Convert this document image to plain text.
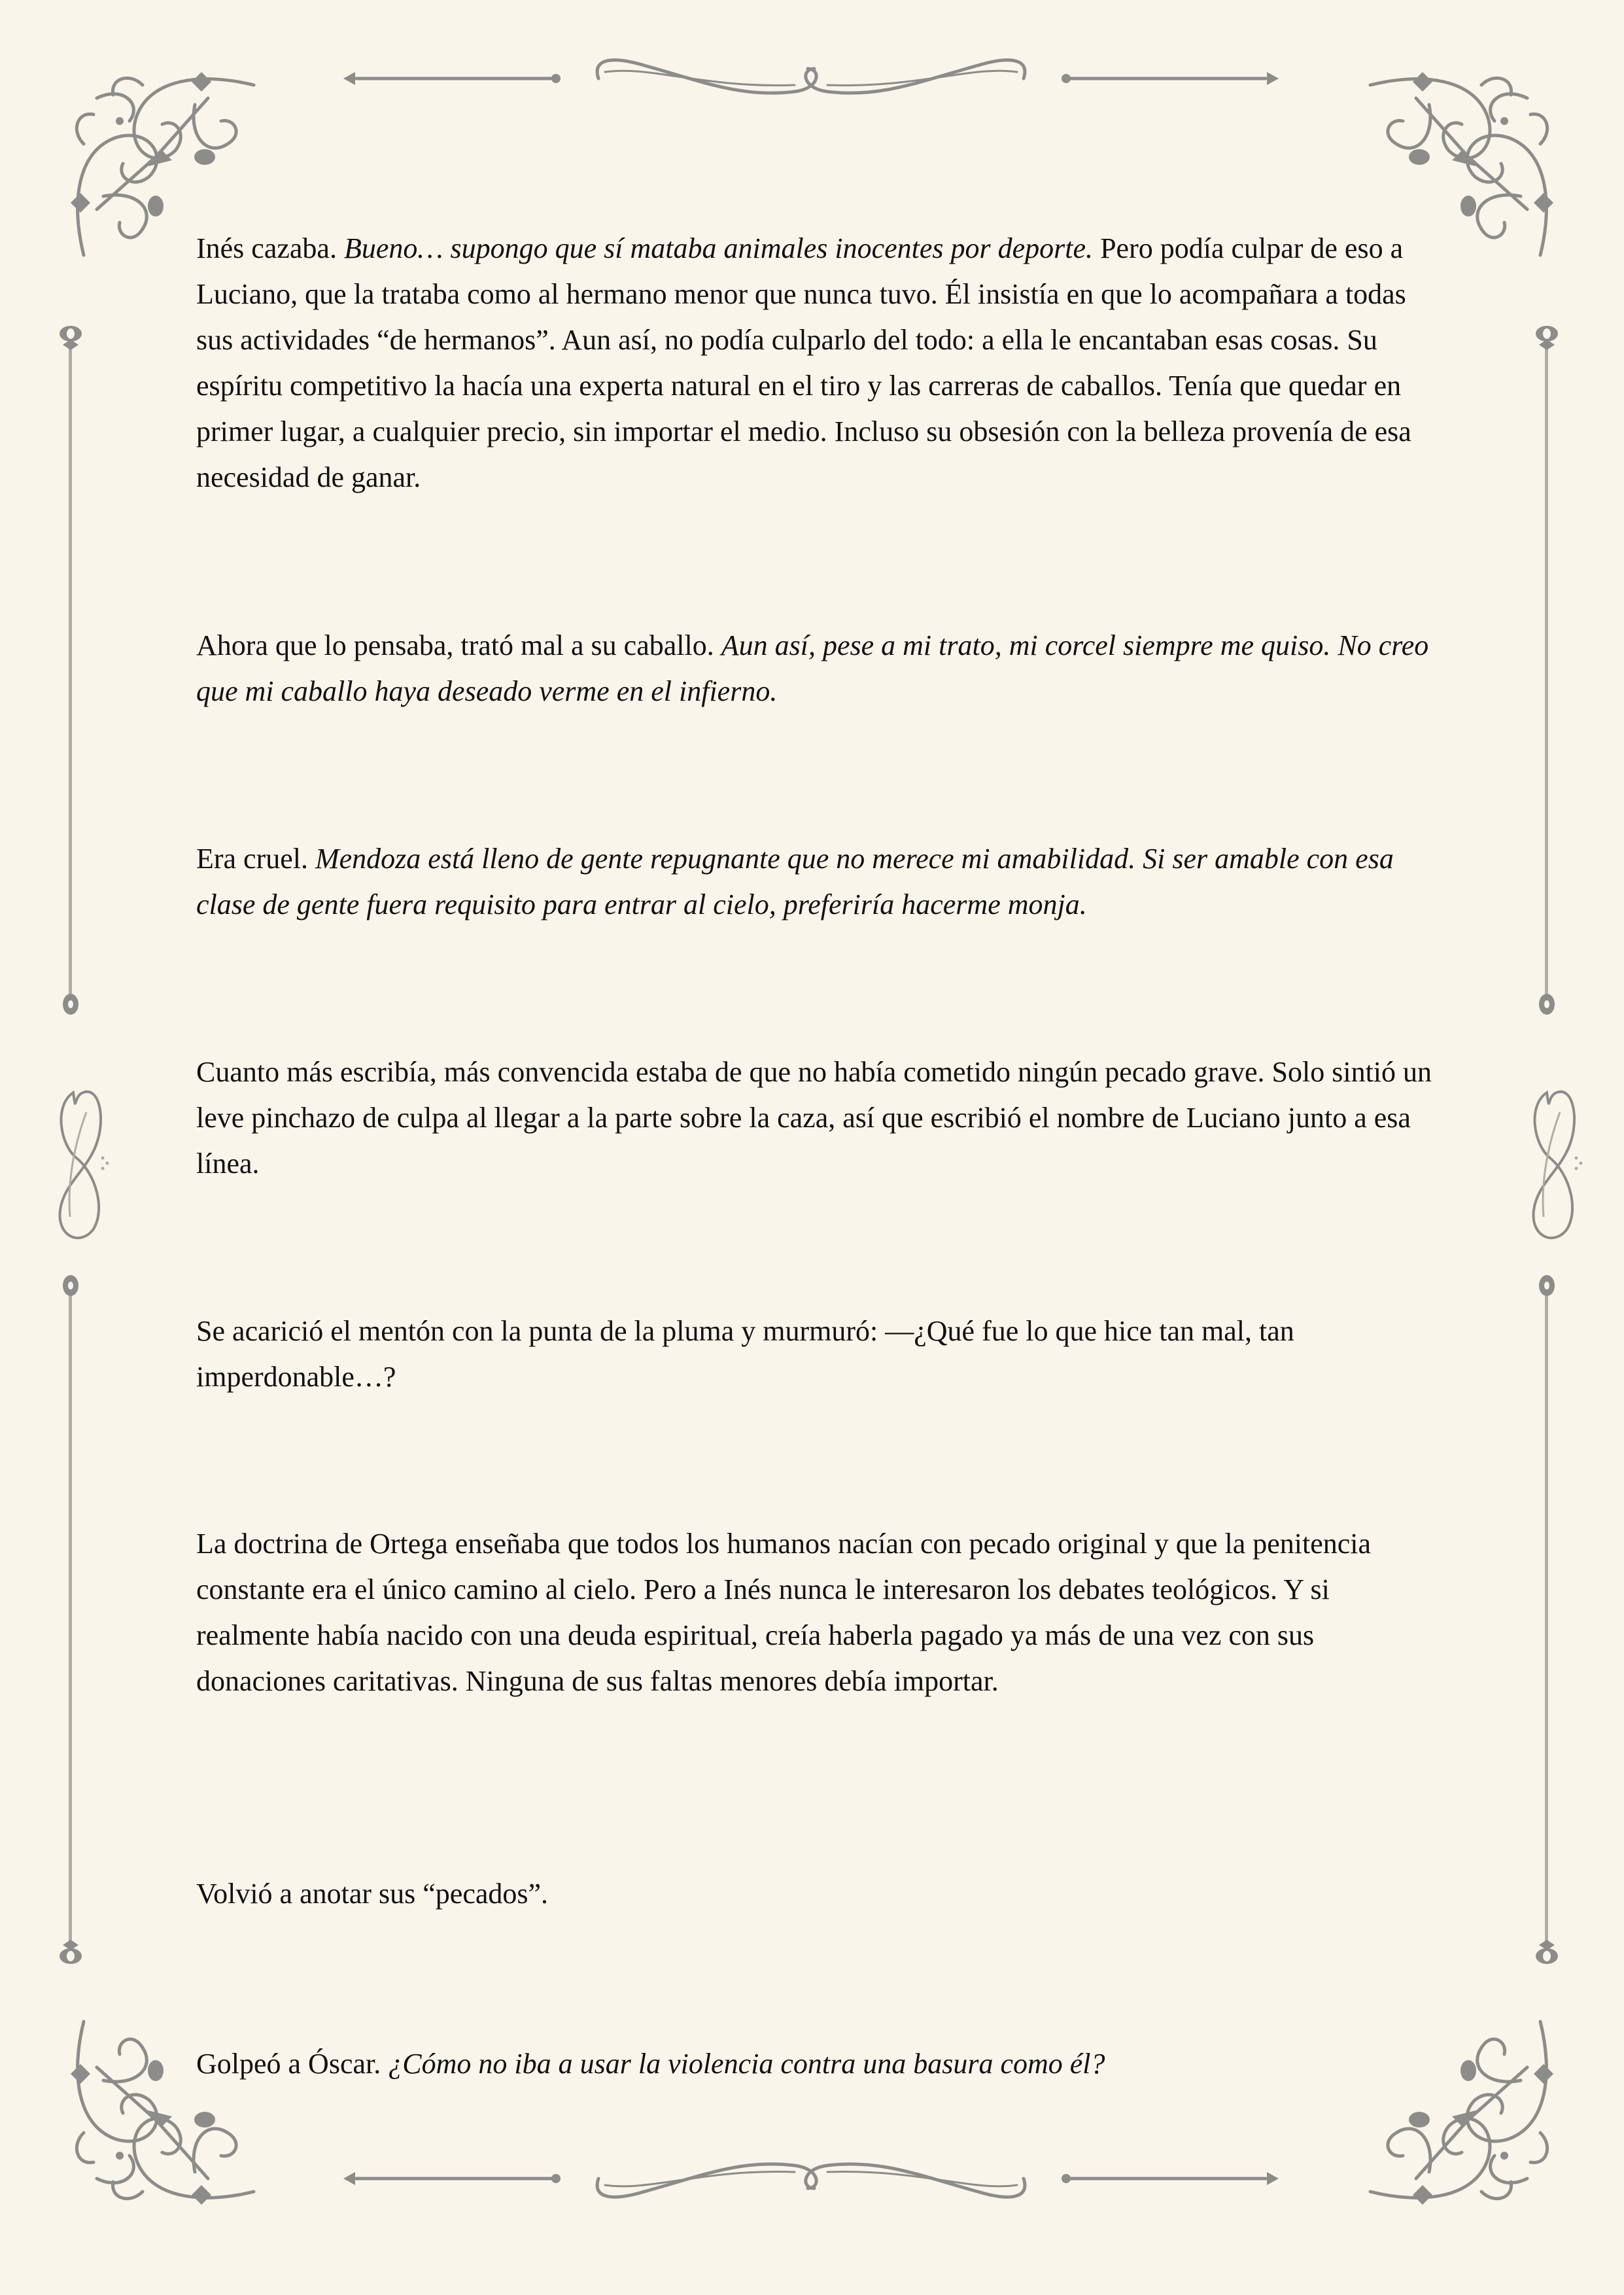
Inés cazaba. Bueno… supongo que sí mataba animales inocentes por deporte. Pero podía culpar de eso a Luciano, que la trataba como al hermano menor que nunca tuvo. Él insistía en que lo acompañara a todas sus actividades “de hermanos”. Aun así, no podía culparlo del todo: a ella le encantaban esas cosas. Su espíritu competitivo la hacía una experta natural en el tiro y las carreras de caballos. Tenía que quedar en primer lugar, a cualquier precio, sin importar el medio. Incluso su obsesión con la belleza provenía de esa necesidad de ganar.

Ahora que lo pensaba, trató mal a su caballo. Aun así, pese a mi trato, mi corcel siempre me quiso. No creo que mi caballo haya deseado verme en el infierno.

Era cruel. Mendoza está lleno de gente repugnante que no merece mi amabilidad. Si ser amable con esa clase de gente fuera requisito para entrar al cielo, preferiría hacerme monja.

Cuanto más escribía, más convencida estaba de que no había cometido ningún pecado grave. Solo sintió un leve pinchazo de culpa al llegar a la parte sobre la caza, así que escribió el nombre de Luciano junto a esa línea.

Se acarició el mentón con la punta de la pluma y murmuró: —¿Qué fue lo que hice tan mal, tan imperdonable…?

La doctrina de Ortega enseñaba que todos los humanos nacían con pecado original y que la penitencia constante era el único camino al cielo. Pero a Inés nunca le interesaron los debates teológicos. Y si realmente había nacido con una deuda espiritual, creía haberla pagado ya más de una vez con sus donaciones caritativas. Ninguna de sus faltas menores debía importar.

Volvió a anotar sus “pecados”.

Golpeó a Óscar. ¿Cómo no iba a usar la violencia contra una basura como él?
